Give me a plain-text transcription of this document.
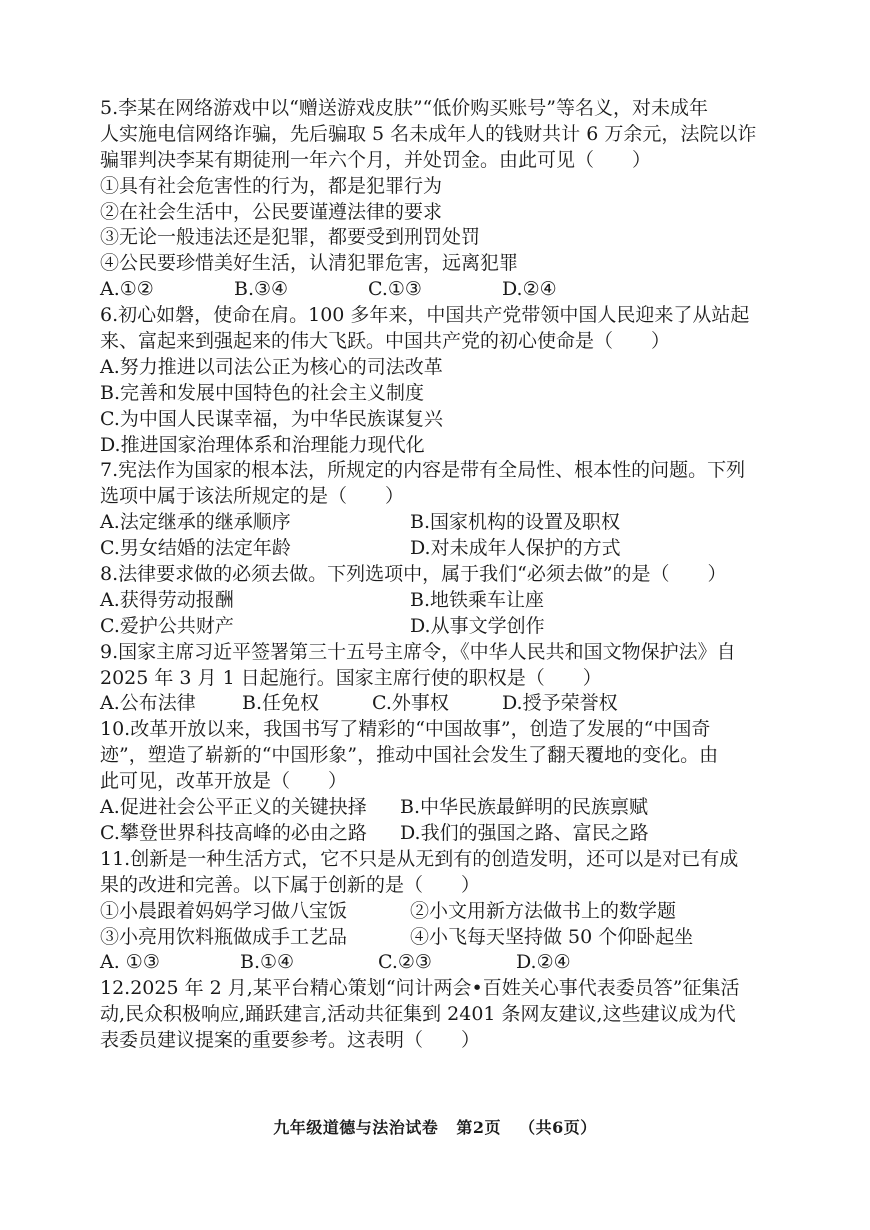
5.李某在网络游戏中以“赠送游戏皮肤”“低价购买账号”等名义，对未成年
人实施电信网络诈骗，先后骗取 5 名未成年人的钱财共计 6 万余元，法院以诈
骗罪判决李某有期徒刑一年六个月，并处罚金。由此可见（　　）
①具有社会危害性的行为，都是犯罪行为
②在社会生活中，公民要谨遵法律的要求
③无论一般违法还是犯罪，都要受到刑罚处罚
④公民要珍惜美好生活，认清犯罪危害，远离犯罪
A.①②	B.③④	C.①③	D.②④
6.初心如磐，使命在肩。100 多年来，中国共产党带领中国人民迎来了从站起
来、富起来到强起来的伟大飞跃。中国共产党的初心使命是（　　）
A.努力推进以司法公正为核心的司法改革
B.完善和发展中国特色的社会主义制度
C.为中国人民谋幸福，为中华民族谋复兴
D.推进国家治理体系和治理能力现代化
7.宪法作为国家的根本法，所规定的内容是带有全局性、根本性的问题。下列
选项中属于该法所规定的是（　　）
A.法定继承的继承顺序	B.国家机构的设置及职权
C.男女结婚的法定年龄	D.对未成年人保护的方式
8.法律要求做的必须去做。下列选项中，属于我们“必须去做”的是（　　）
A.获得劳动报酬	B.地铁乘车让座
C.爱护公共财产	D.从事文学创作
9.国家主席习近平签署第三十五号主席令，《中华人民共和国文物保护法》自
2025 年 3 月 1 日起施行。国家主席行使的职权是（　　）
A.公布法律	B.任免权	C.外事权	D.授予荣誉权
10.改革开放以来，我国书写了精彩的“中国故事”，创造了发展的“中国奇
迹”，塑造了崭新的“中国形象”，推动中国社会发生了翻天覆地的变化。由
此可见，改革开放是（　　）
A.促进社会公平正义的关键抉择	B.中华民族最鲜明的民族禀赋
C.攀登世界科技高峰的必由之路	D.我们的强国之路、富民之路
11.创新是一种生活方式，它不只是从无到有的创造发明，还可以是对已有成
果的改进和完善。以下属于创新的是（　　）
①小晨跟着妈妈学习做八宝饭	②小文用新方法做书上的数学题
③小亮用饮料瓶做成手工艺品	④小飞每天坚持做 50 个仰卧起坐
A. ①③	B.①④	C.②③	D.②④
12.2025 年 2 月,某平台精心策划“问计两会•百姓关心事代表委员答”征集活
动,民众积极响应,踊跃建言,活动共征集到 2401 条网友建议,这些建议成为代
表委员建议提案的重要参考。这表明（　　）
九年级道德与法治试卷 第2页 （共6页）
